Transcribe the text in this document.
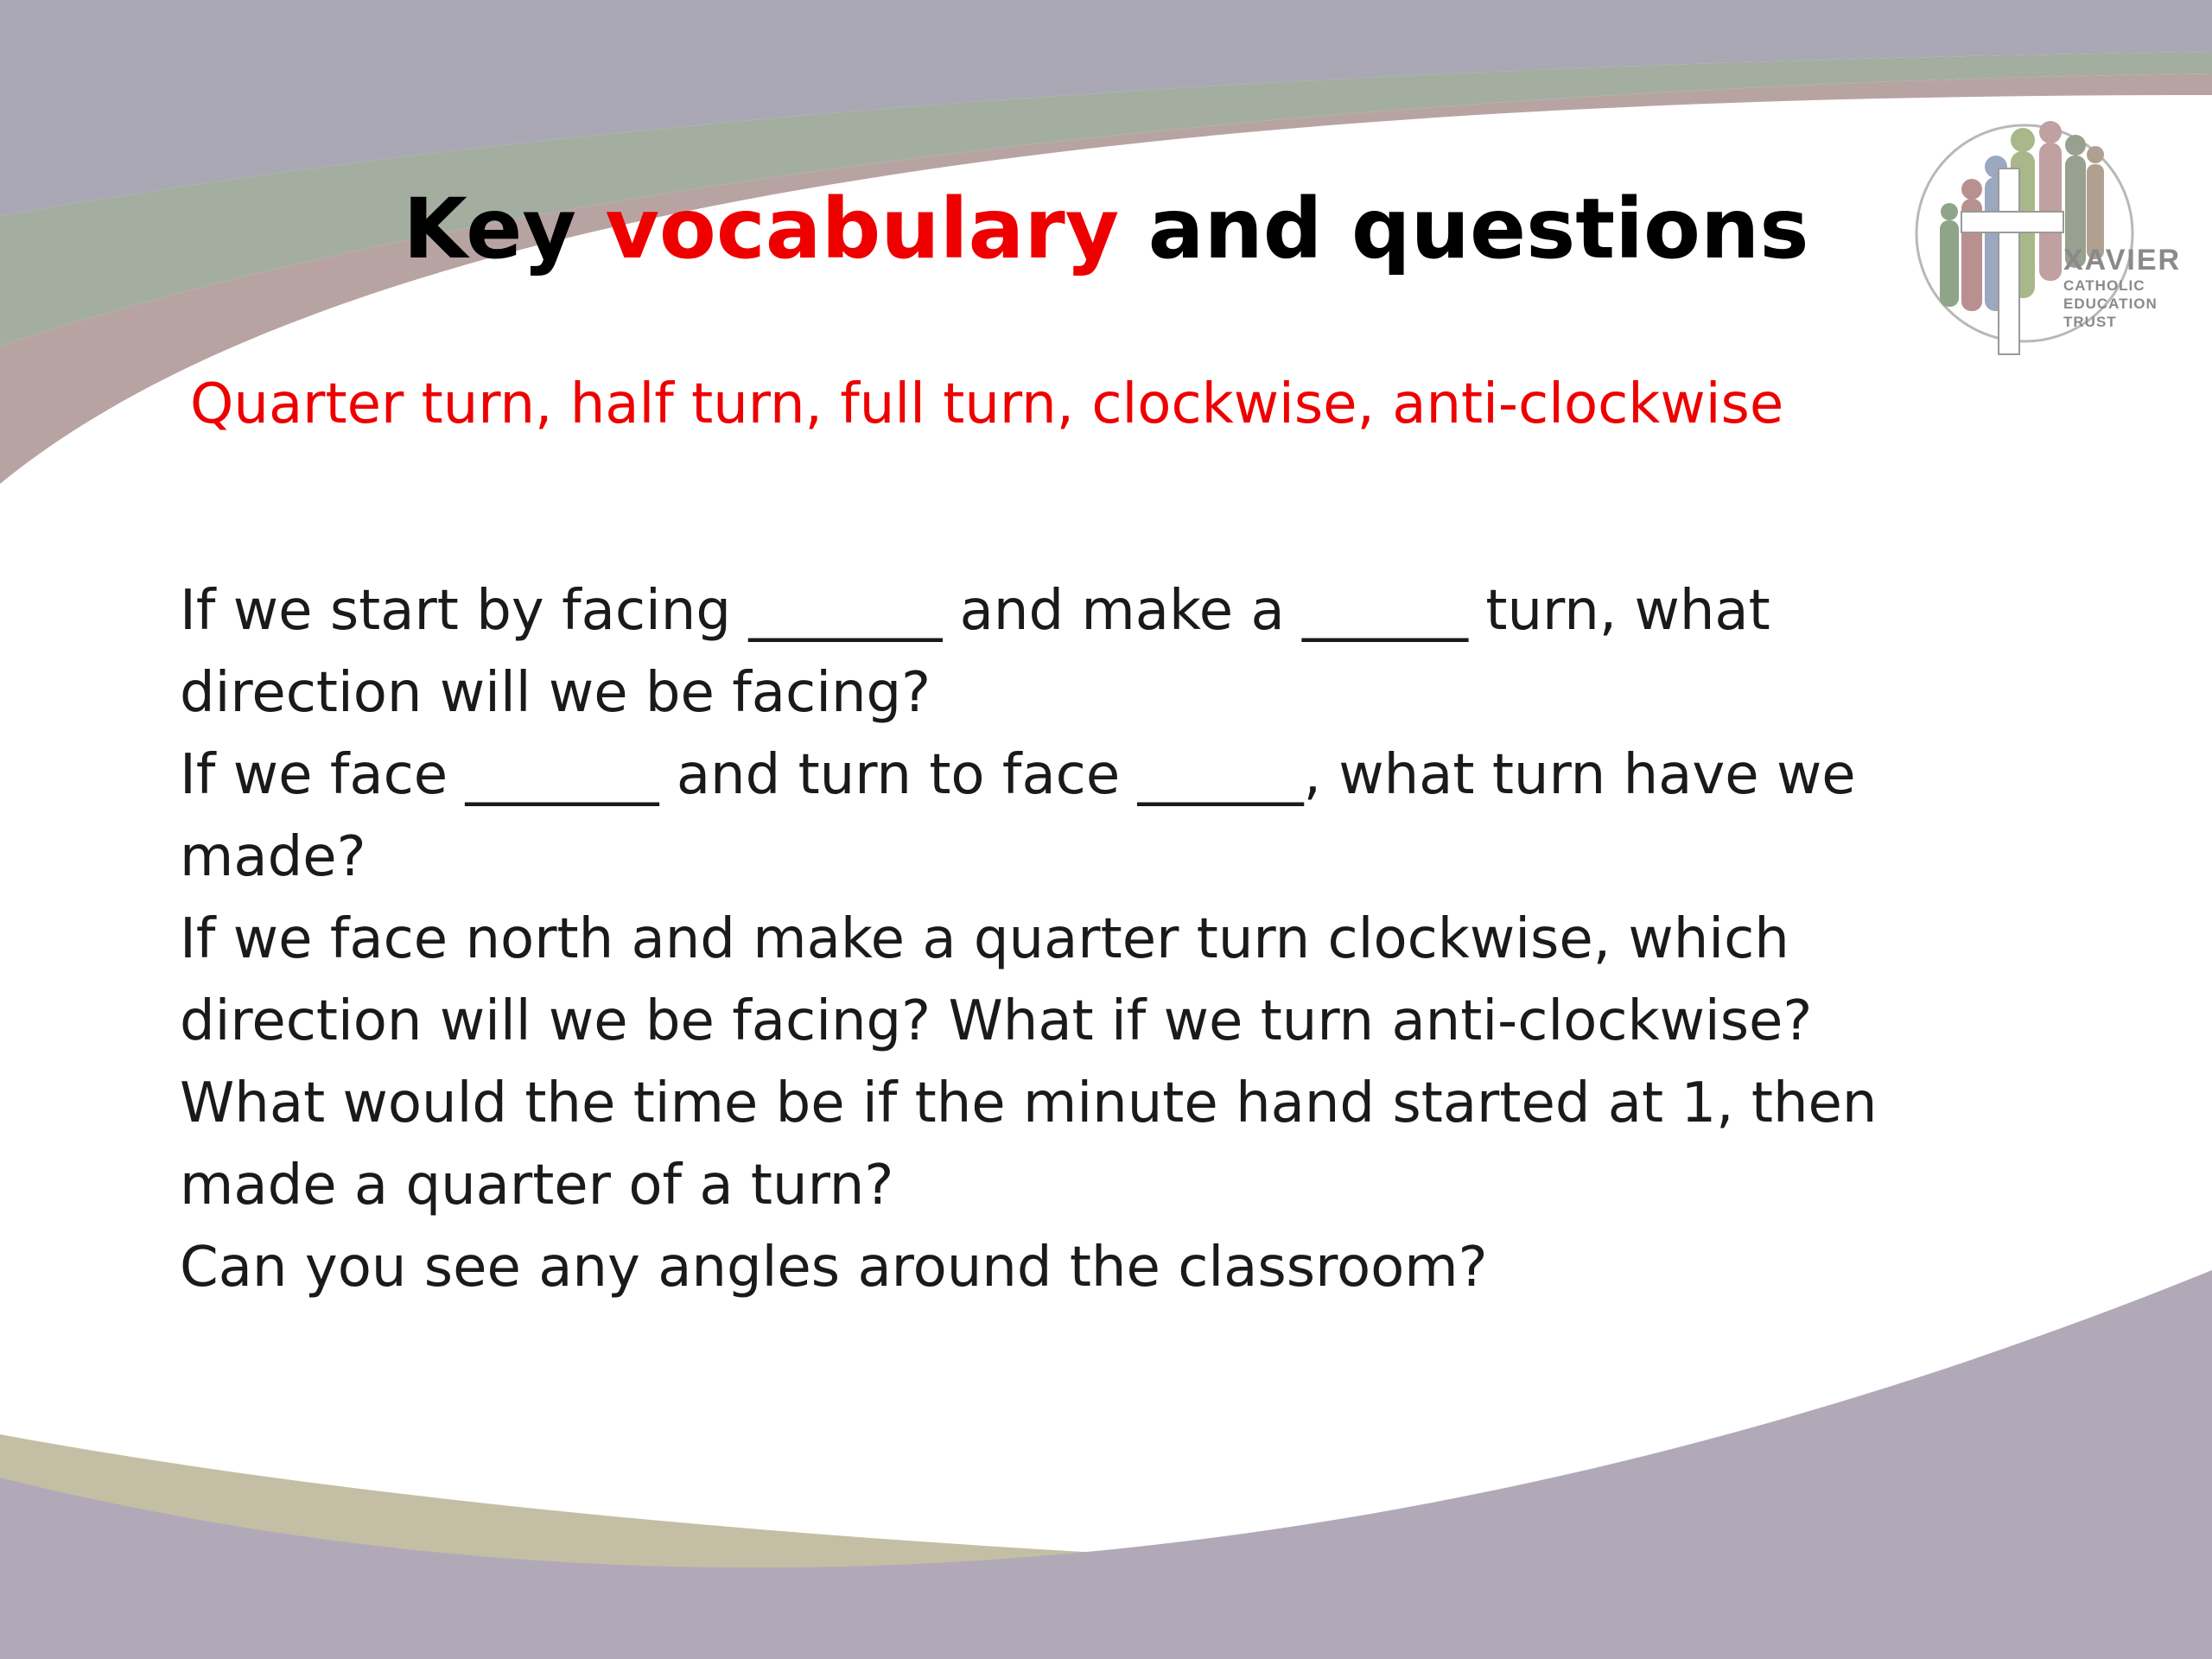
Key vocabulary and questions
Quarter turn, half turn, full turn, clockwise, anti-clockwise
If we start by facing _______ and make a ______ turn, what direction will we be facing?
If we face _______ and turn to face ______, what turn have we made?
If we face north and make a quarter turn clockwise, which direction will we be facing? What if we turn anti-clockwise?
What would the time be if the minute hand started at 1, then made a quarter of a turn?
Can you see any angles around the classroom?
XAVIER
CATHOLIC
EDUCATION
TRUST
